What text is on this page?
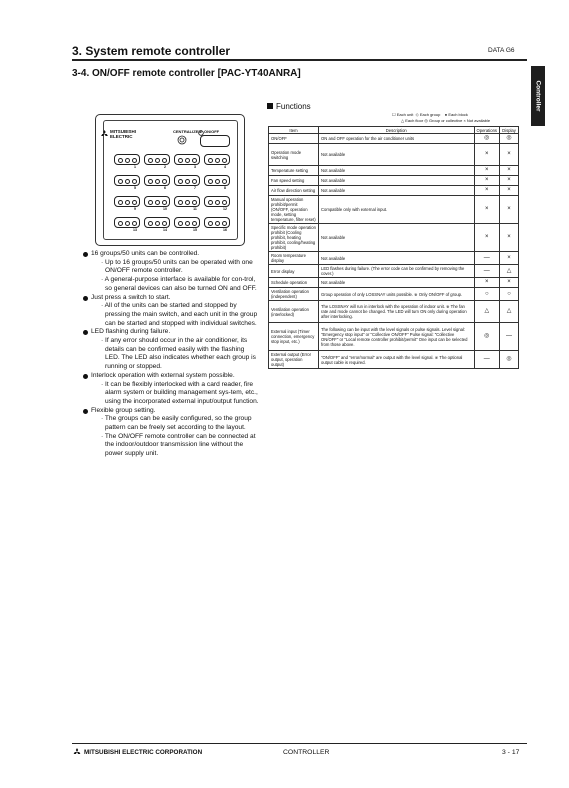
3. System remote controller	DATA G6
3-4. ON/OFF remote controller [PAC-YT40ANRA]
Controller
MITSUBISHI
ELECTRIC
CENTRALIZED ON/OFF
1	2	3	4
5	6	7	8
9	10	11	12
13	14	15	16
16 groups/50 units can be controlled.
· Up to 16 groups/50 units can be operated with one ON/OFF remote controller.
· A general-purpose interface is available for con-trol, so general devices can also be turned ON and OFF.
Just press a switch to start.
· All of the units can be started and stopped by pressing the main switch, and each unit in the group can be started and stopped with individual switches.
LED flashing during failure.
· If any error should occur in the air conditioner, its details can be confirmed easily with the flashing LED. The LED also indicates whether each group is running or stopped.
Interlock operation with external system possible.
· It can be flexibly interlocked with a card reader, fire alarm system or building management sys-tem, etc., using the incorporated external input/output function.
Flexible group setting.
· The groups can be easily configured, so the group pattern can be freely set according to the layout.
· The ON/OFF remote controller can be connected at the indoor/outdoor transmission line without the power supply unit.
Functions
☐ Each unit ◇ Each group ● Each block
△ Each floor ◎ Group or collective × Not available
Item	Description	Operations	Display
ON/OFF	ON and OFF operation for the air conditioner units	◎	◎
Operation mode switching	Not available	×	×
Temperature setting	Not available	×	×
Fan speed setting	Not available	×	×
Air flow direction setting	Not available	×	×
Manual operation prohibit/permit (ON/OFF, operation mode, setting temperature, filter reset)	Compatible only with external input.	×	×
Specific mode operation prohibit (Cooling prohibit, heating prohibit, cooling/heating prohibit)	Not available	×	×
Room temperature display	Not available	—	×
Error display	LED flashes during failure. (The error code can be confirmed by removing the cover.)	—	△
Schedule operation	Not available	×	×
Ventilation operation (independent)	Group operation of only LOSSNAY units possible. ※ Only ON/OFF of group.	○	○
Ventilation operation (interlocked)	The LOSSNAY will run in interlock with the operation of indoor unit. ※ The fan rate and mode cannot be changed. The LED will turn ON only during operation after interlocking.	△	△
External input (Timer connection, emergency stop input, etc.)	The following can be input with the level signals or pulse signals. Level signal: "Emergency stop input" or "Collective ON/OFF" Pulse signal: "Collective ON/OFF" or "Local remote controller prohibit/permit" One input can be selected from those above.	◎	—
External output (Error output, operation output)	"ON/OFF" and "error/normal" are output with the level signal. ※ The optional output cable is required.	—	◎
MITSUBISHI ELECTRIC CORPORATION	CONTROLLER	3 - 17
